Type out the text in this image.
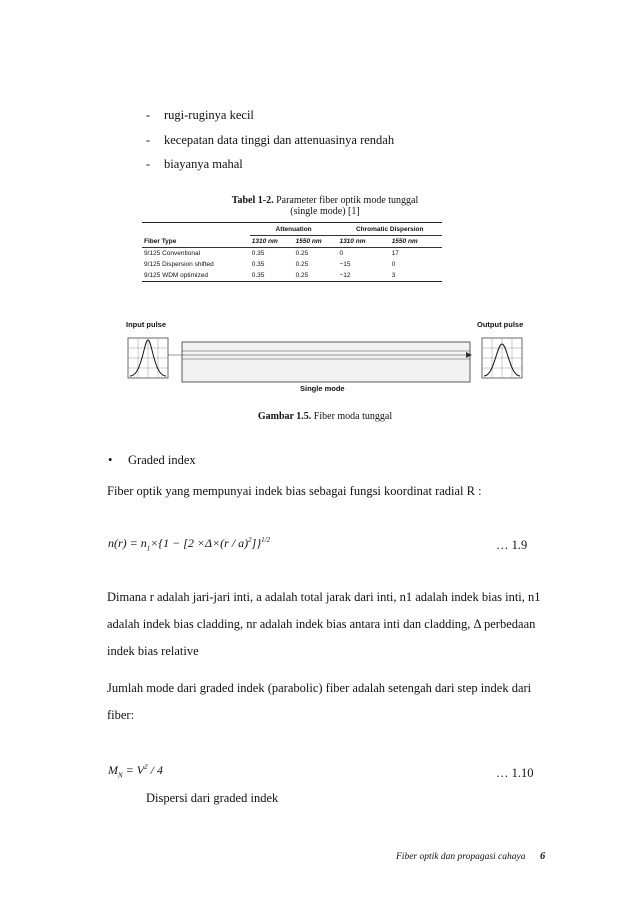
- rugi-ruginya kecil
- kecepatan data tinggi dan attenuasinya rendah
- biayanya mahal
Tabel 1-2. Parameter fiber optik mode tunggal
(single mode) [1]
	Attenuation		Chromatic Dispersion	
Fiber Type	1310 nm	1550 nm	1310 nm	1550 nm
9/125 Conventional	0.35	0.25	0	17
9/125 Dispersion shifted	0.35	0.25	−15	0
9/125 WDM optimized	0.35	0.25	−12	3
Input pulse	Output pulse
Single mode
Gambar 1.5. Fiber moda tunggal
• Graded index
Fiber optik yang mempunyai indek bias sebagai fungsi koordinat radial R :
$n(r) = n_1\times\{1 - [2 \times\Delta\times(r / a)^2]\}^{1/2}$	… 1.9
Dimana r adalah jari-jari inti, a adalah total jarak dari inti, n1 adalah indek bias inti, n1 adalah indek bias cladding, nr adalah indek bias antara inti dan cladding, Δ perbedaan indek bias relative
Jumlah mode dari graded indek (parabolic) fiber adalah setengah dari step indek dari fiber:
$M_N = V^2 / 4$	… 1.10
Dispersi dari graded indek
Fiber optik dan propagasi cahaya 6
